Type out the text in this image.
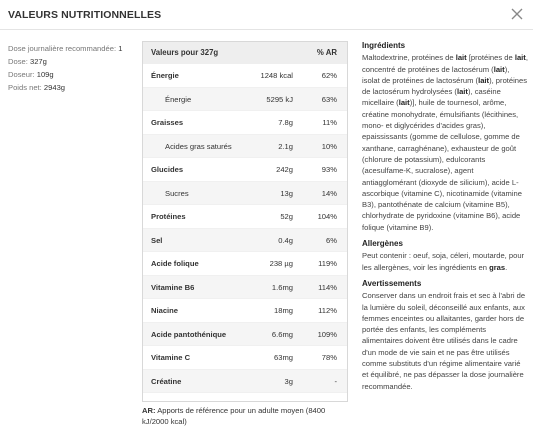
VALEURS NUTRITIONNELLES
Dose journalière recommandée: 1
Dose: 327g
Doseur: 109g
Poids net: 2943g
Valeurs pour 327g	% AR
Énergie	1248 kcal	62%
Énergie	5295 kJ	63%
Graisses	7.8g	11%
Acides gras saturés	2.1g	10%
Glucides	242g	93%
Sucres	13g	14%
Protéines	52g	104%
Sel	0.4g	6%
Acide folique	238 µg	119%
Vitamine B6	1.6mg	114%
Niacine	18mg	112%
Acide pantothénique	6.6mg	109%
Vitamine C	63mg	78%
Créatine	3g	-
AR: Apports de référence pour un adulte moyen (8400 kJ/2000 kcal)
Ingrédients
Maltodextrine, protéines de lait [protéines de lait, concentré de protéines de lactosérum (lait), isolat de protéines de lactosérum (lait), protéines de lactosérum hydrolysées (lait), caséine micellaire (lait)], huile de tournesol, arôme, créatine monohydrate, émulsifiants (lécithines, mono- et diglycérides d'acides gras), epaississants (gomme de cellulose, gomme de xanthane, carraghénane), exhausteur de goût (chlorure de potassium), edulcorants (acesulfame-K, sucralose), agent antiagglomérant (dioxyde de silicium), acide L-ascorbique (vitamine C), nicotinamide (vitamine B3), pantothénate de calcium (vitamine B5), chlorhydrate de pyridoxine (vitamine B6), acide folique (vitamine B9).
Allergènes
Peut contenir : oeuf, soja, céleri, moutarde, pour les allergènes, voir les ingrédients en gras.
Avertissements
Conserver dans un endroit frais et sec à l'abri de la lumière du soleil, déconseillé aux enfants, aux femmes enceintes ou allaitantes, garder hors de portée des enfants, les compléments alimentaires doivent être utilisés dans le cadre d'un mode de vie sain et ne pas être utilisés comme substituts d'un régime alimentaire varié et équilibré, ne pas dépasser la dose journalière recommandée.
